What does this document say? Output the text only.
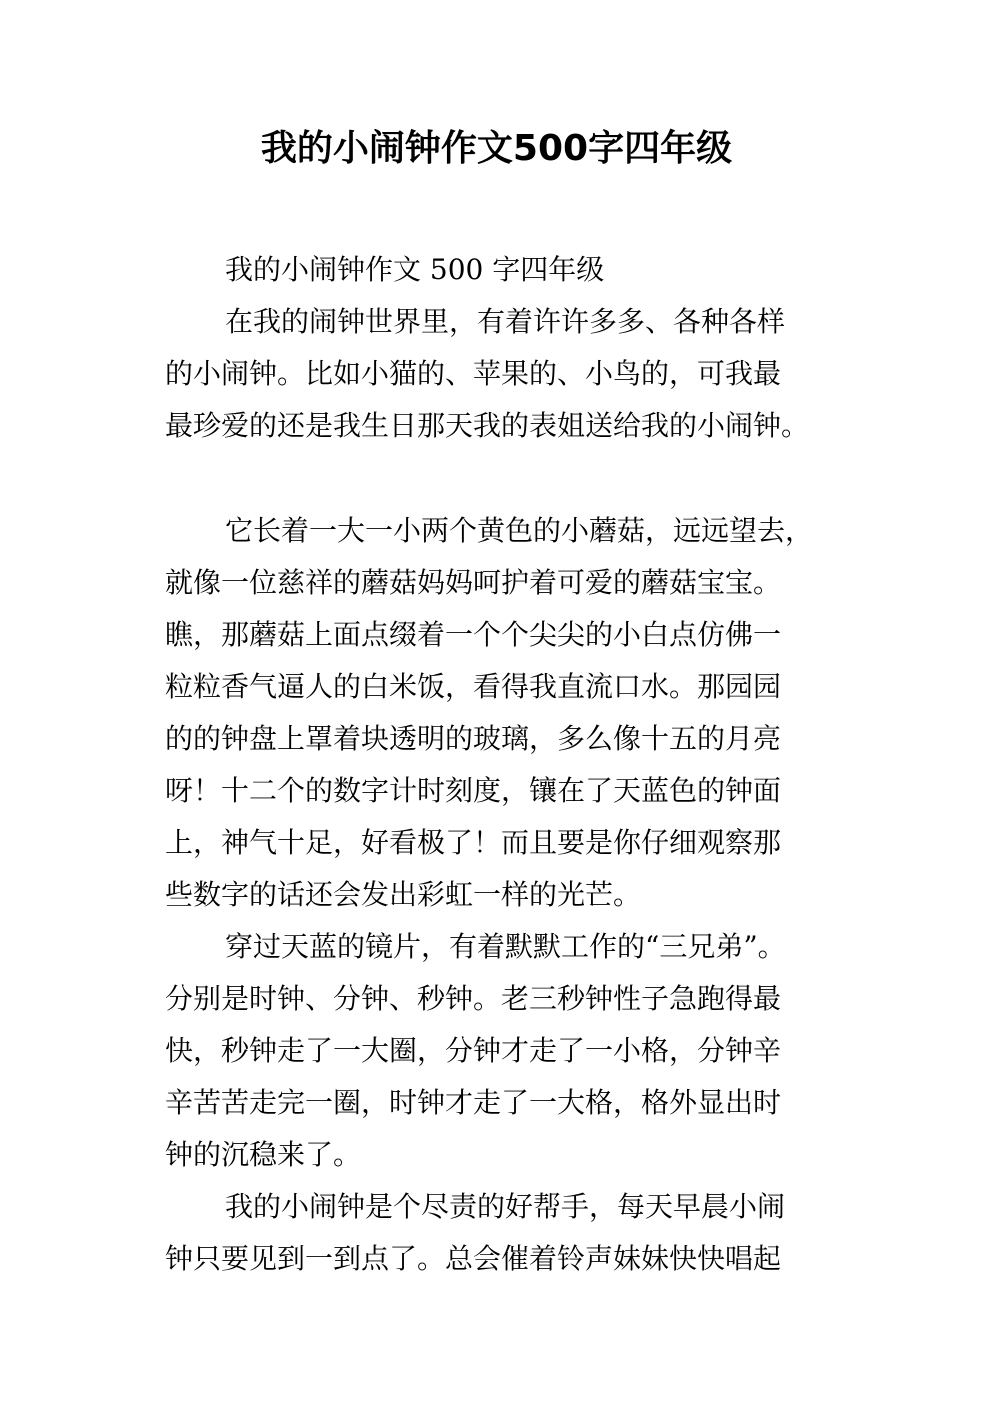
我的小闹钟作文500字四年级
我的小闹钟作文 500 字四年级
在我的闹钟世界里，有着许许多多、各种各样
的小闹钟。比如小猫的、苹果的、小鸟的，可我最
最珍爱的还是我生日那天我的表姐送给我的小闹钟。
它长着一大一小两个黄色的小蘑菇，远远望去，
就像一位慈祥的蘑菇妈妈呵护着可爱的蘑菇宝宝。
瞧，那蘑菇上面点缀着一个个尖尖的小白点仿佛一
粒粒香气逼人的白米饭，看得我直流口水。那园园
的的钟盘上罩着块透明的玻璃，多么像十五的月亮
呀！十二个的数字计时刻度，镶在了天蓝色的钟面
上，神气十足，好看极了！而且要是你仔细观察那
些数字的话还会发出彩虹一样的光芒。
穿过天蓝的镜片，有着默默工作的“三兄弟”。
分别是时钟、分钟、秒钟。老三秒钟性子急跑得最
快，秒钟走了一大圈，分钟才走了一小格，分钟辛
辛苦苦走完一圈，时钟才走了一大格，格外显出时
钟的沉稳来了。
我的小闹钟是个尽责的好帮手，每天早晨小闹
钟只要见到一到点了。总会催着铃声妹妹快快唱起
